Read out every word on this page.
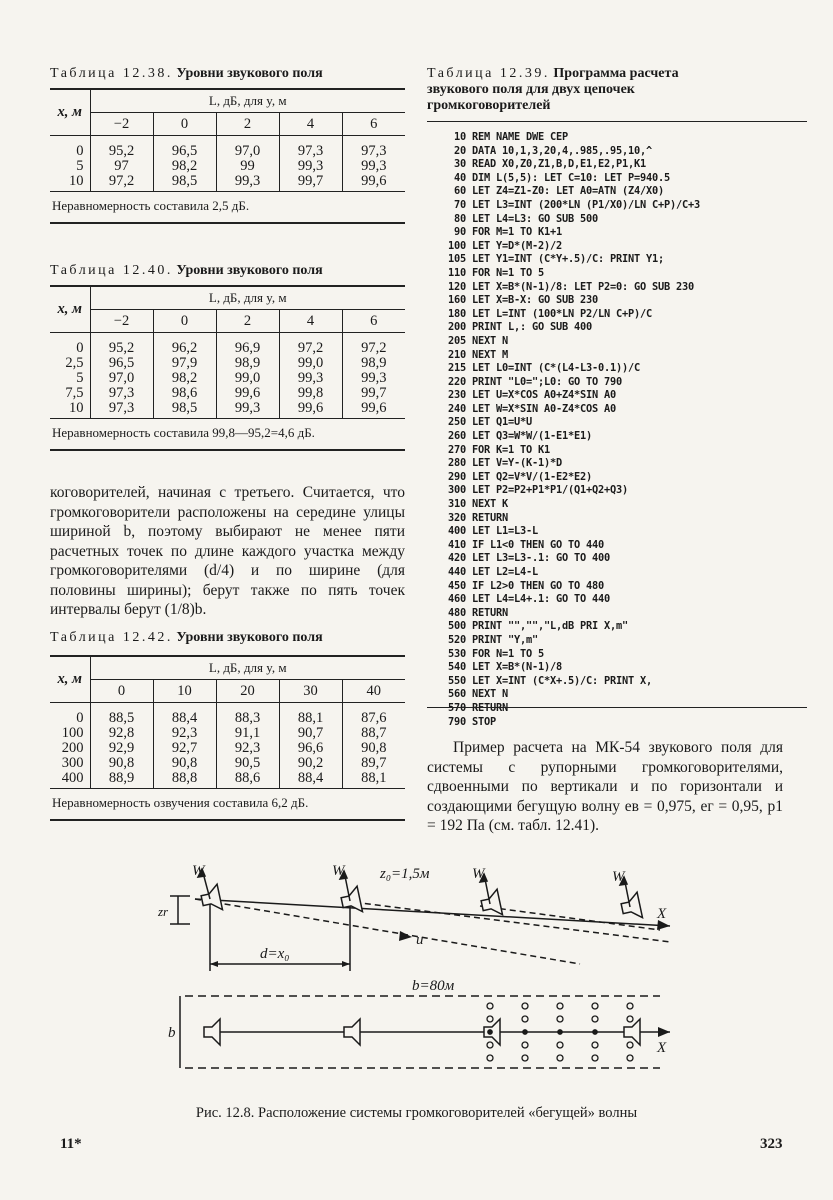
Таблица 12.38. Уровни звукового поля
x, м	L, дБ, для y, м				
	−2	0	2	4	6
0	95,2	96,5	97,0	97,3	97,3
5	97	98,2	99	99,3	99,3
10	97,2	98,5	99,3	99,7	99,6
Неравномерность составила 2,5 дБ.					
Таблица 12.40. Уровни звукового поля
x, м	L, дБ, для y, м				
	−2	0	2	4	6
0	95,2	96,2	96,9	97,2	97,2
2,5	96,5	97,9	98,9	99,0	98,9
5	97,0	98,2	99,0	99,3	99,3
7,5	97,3	98,6	99,6	99,8	99,7
10	97,3	98,5	99,3	99,6	99,6
Неравномерность составила 99,8—95,2=4,6 дБ.					
коговорителей, начиная с третьего. Считается, что громкоговорители расположены на середине улицы шириной b, поэтому выбирают не менее пяти расчетных точек по длине каждого участка между громкоговорителями (d/4) и по ширине (для половины ширины); берут также по пять точек интервалы берут (1/8)b.
Таблица 12.42. Уровни звукового поля
x, м	L, дБ, для y, м				
	0	10	20	30	40
0	88,5	88,4	88,3	88,1	87,6
100	92,8	92,3	91,1	90,7	88,7
200	92,9	92,7	92,3	96,6	90,8
300	90,8	90,8	90,5	90,2	89,7
400	88,9	88,8	88,6	88,4	88,1
Неравномерность озвучения составила 6,2 дБ.					
Таблица 12.39. Программа расчета
звукового поля для двух цепочек
громкоговорителей
10 REM NAME DWE CEP
20 DATA 10,1,3,20,4,.985,.95,10,^
30 READ X0,Z0,Z1,B,D,E1,E2,P1,K1
40 DIM L(5,5): LET C=10: LET P=940.5
60 LET Z4=Z1-Z0: LET A0=ATN (Z4/X0)
70 LET L3=INT (200*LN (P1/X0)/LN C+P)/C+3
80 LET L4=L3: GO SUB 500
90 FOR M=1 TO K1+1
100 LET Y=D*(M-2)/2
105 LET Y1=INT (C*Y+.5)/C: PRINT Y1;
110 FOR N=1 TO 5
120 LET X=B*(N-1)/8: LET P2=0: GO SUB 230
160 LET X=B-X: GO SUB 230
180 LET L=INT (100*LN P2/LN C+P)/C
200 PRINT L,: GO SUB 400
205 NEXT N
210 NEXT M
215 LET L0=INT (C*(L4-L3-0.1))/C
220 PRINT "L0=";L0: GO TO 790
230 LET U=X*COS A0+Z4*SIN A0
240 LET W=X*SIN A0-Z4*COS A0
250 LET Q1=U*U
260 LET Q3=W*W/(1-E1*E1)
270 FOR K=1 TO K1
280 LET V=Y-(K-1)*D
290 LET Q2=V*V/(1-E2*E2)
300 LET P2=P2+P1*P1/(Q1+Q2+Q3)
310 NEXT K
320 RETURN
400 LET L1=L3-L
410 IF L1<0 THEN GO TO 440
420 LET L3=L3-.1: GO TO 400
440 LET L2=L4-L
450 IF L2>0 THEN GO TO 480
460 LET L4=L4+.1: GO TO 440
480 RETURN
500 PRINT "","","L,dB PRI X,m"
520 PRINT "Y,m"
530 FOR N=1 TO 5
540 LET X=B*(N-1)/8
550 LET X=INT (C*X+.5)/C: PRINT X,
560 NEXT N
570 RETURN
790 STOP
Пример расчета на МК-54 звукового поля для системы с рупорными громкоговорителями, сдвоенными по вертикали и по горизонтали и создающими бегущую волну eв = 0,975, eг = 0,95, p1 = 192 Па (см. табл. 12.41).
W	W	W	W
z₀=1,5м
zr
u
d=x₀
X
b=80м
b
X
Рис. 12.8. Расположение системы громкоговорителей «бегущей» волны
11*	323
